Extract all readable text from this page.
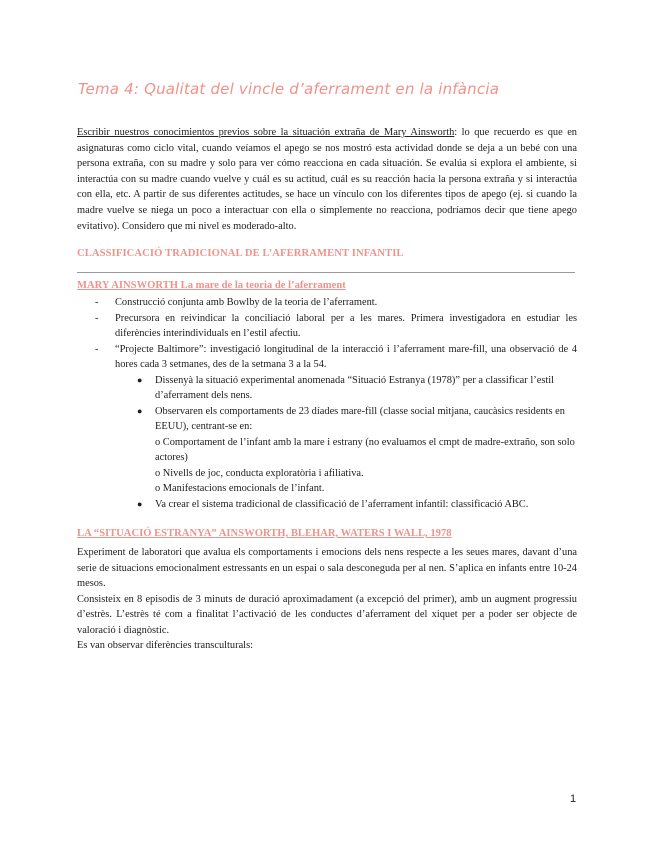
Tema 4: Qualitat del vincle d’aferrament en la infància
Escribir nuestros conocimientos previos sobre la situación extraña de Mary Ainsworth: lo que recuerdo es que en asignaturas como ciclo vital, cuando veíamos el apego se nos mostró esta actividad donde se deja a un bebé con una persona extraña, con su madre y solo para ver cómo reacciona en cada situación. Se evalúa si explora el ambiente, si interactúa con su madre cuando vuelve y cuál es su actitud, cuál es su reacción hacia la persona extraña y si interactúa con ella, etc. A partir de sus diferentes actitudes, se hace un vínculo con los diferentes tipos de apego (ej. si cuando la madre vuelve se niega un poco a interactuar con ella o simplemente no reacciona, podríamos decir que tiene apego evitativo). Considero que mi nivel es moderado-alto.
CLASSIFICACIÓ TRADICIONAL DE L’AFERRAMENT INFANTIL
MARY AINSWORTH La mare de la teoria de l’aferrament
- Construcció conjunta amb Bowlby de la teoria de l’aferrament.
- Precursora en reivindicar la conciliació laboral per a les mares. Primera investigadora en estudiar les diferències interindividuals en l’estil afectiu.
- “Projecte Baltimore”: investigació longitudinal de la interacció i l’aferrament mare-fill, una observació de 4 hores cada 3 setmanes, des de la setmana 3 a la 54.
● Dissenyà la situació experimental anomenada “Situació Estranya (1978)” per a classificar l’estil d’aferrament dels nens.
● Observaren els comportaments de 23 díades mare-fill (classe social mitjana, caucàsics residents en EEUU), centrant-se en:
o Comportament de l’infant amb la mare i estrany (no evaluamos el cmpt de madre-extraño, son solo actores)
o Nivells de joc, conducta exploratòria i afiliativa.
o Manifestacions emocionals de l’infant.
● Va crear el sistema tradicional de classificació de l’aferrament infantil: classificació ABC.
LA “SITUACIÓ ESTRANYA” AINSWORTH, BLEHAR, WATERS I WALL, 1978

Experiment de laboratori que avalua els comportaments i emocions dels nens respecte a les seues mares, davant d’una serie de situacions emocionalment estressants en un espai o sala desconeguda per al nen. S’aplica en infants entre 10-24 mesos.

Consisteix en 8 episodis de 3 minuts de duració aproximadament (a excepció del primer), amb un augment progressiu d’estrès. L’estrès té com a finalitat l’activació de les conductes d’aferrament del xiquet per a poder ser objecte de valoració i diagnòstic.

Es van observar diferències transculturals:

1
